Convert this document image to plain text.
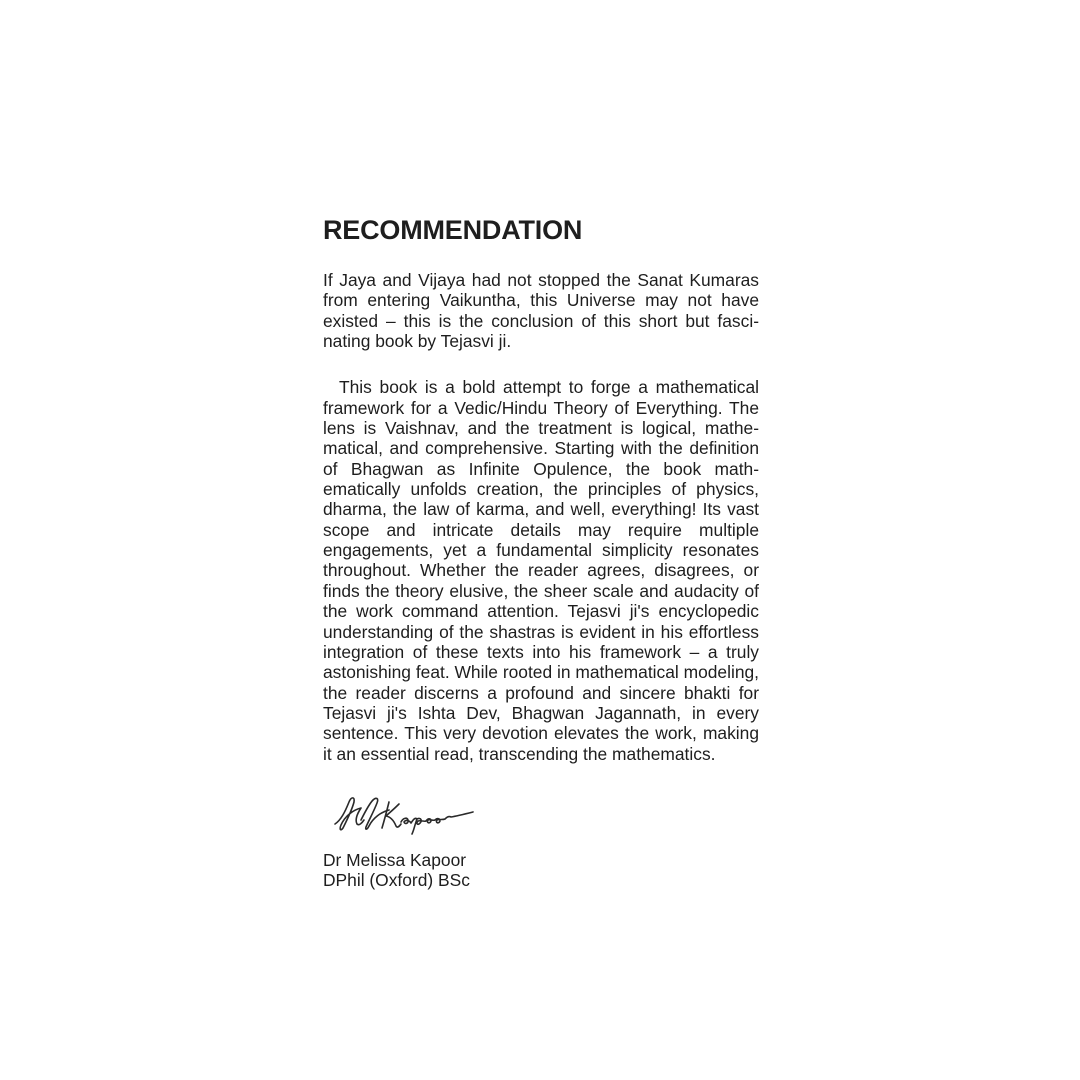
RECOMMENDATION

If Jaya and Vijaya had not stopped the Sanat Kumaras from entering Vaikuntha, this Universe may not have existed – this is the conclusion of this short but fascinating book by Tejasvi ji.

This book is a bold attempt to forge a mathematical framework for a Vedic/Hindu Theory of Everything. The lens is Vaishnav, and the treatment is logical, mathematical, and comprehensive. Starting with the definition of Bhagwan as Infinite Opulence, the book mathematically unfolds creation, the principles of physics, dharma, the law of karma, and well, everything! Its vast scope and intricate details may require multiple engagements, yet a fundamental simplicity resonates throughout. Whether the reader agrees, disagrees, or finds the theory elusive, the sheer scale and audacity of the work command attention. Tejasvi ji's encyclopedic understanding of the shastras is evident in his effortless integration of these texts into his framework – a truly astonishing feat. While rooted in mathematical modeling, the reader discerns a profound and sincere bhakti for Tejasvi ji's Ishta Dev, Bhagwan Jagannath, in every sentence. This very devotion elevates the work, making it an essential read, transcending the mathematics.

Dr Melissa Kapoor
DPhil (Oxford) BSc
